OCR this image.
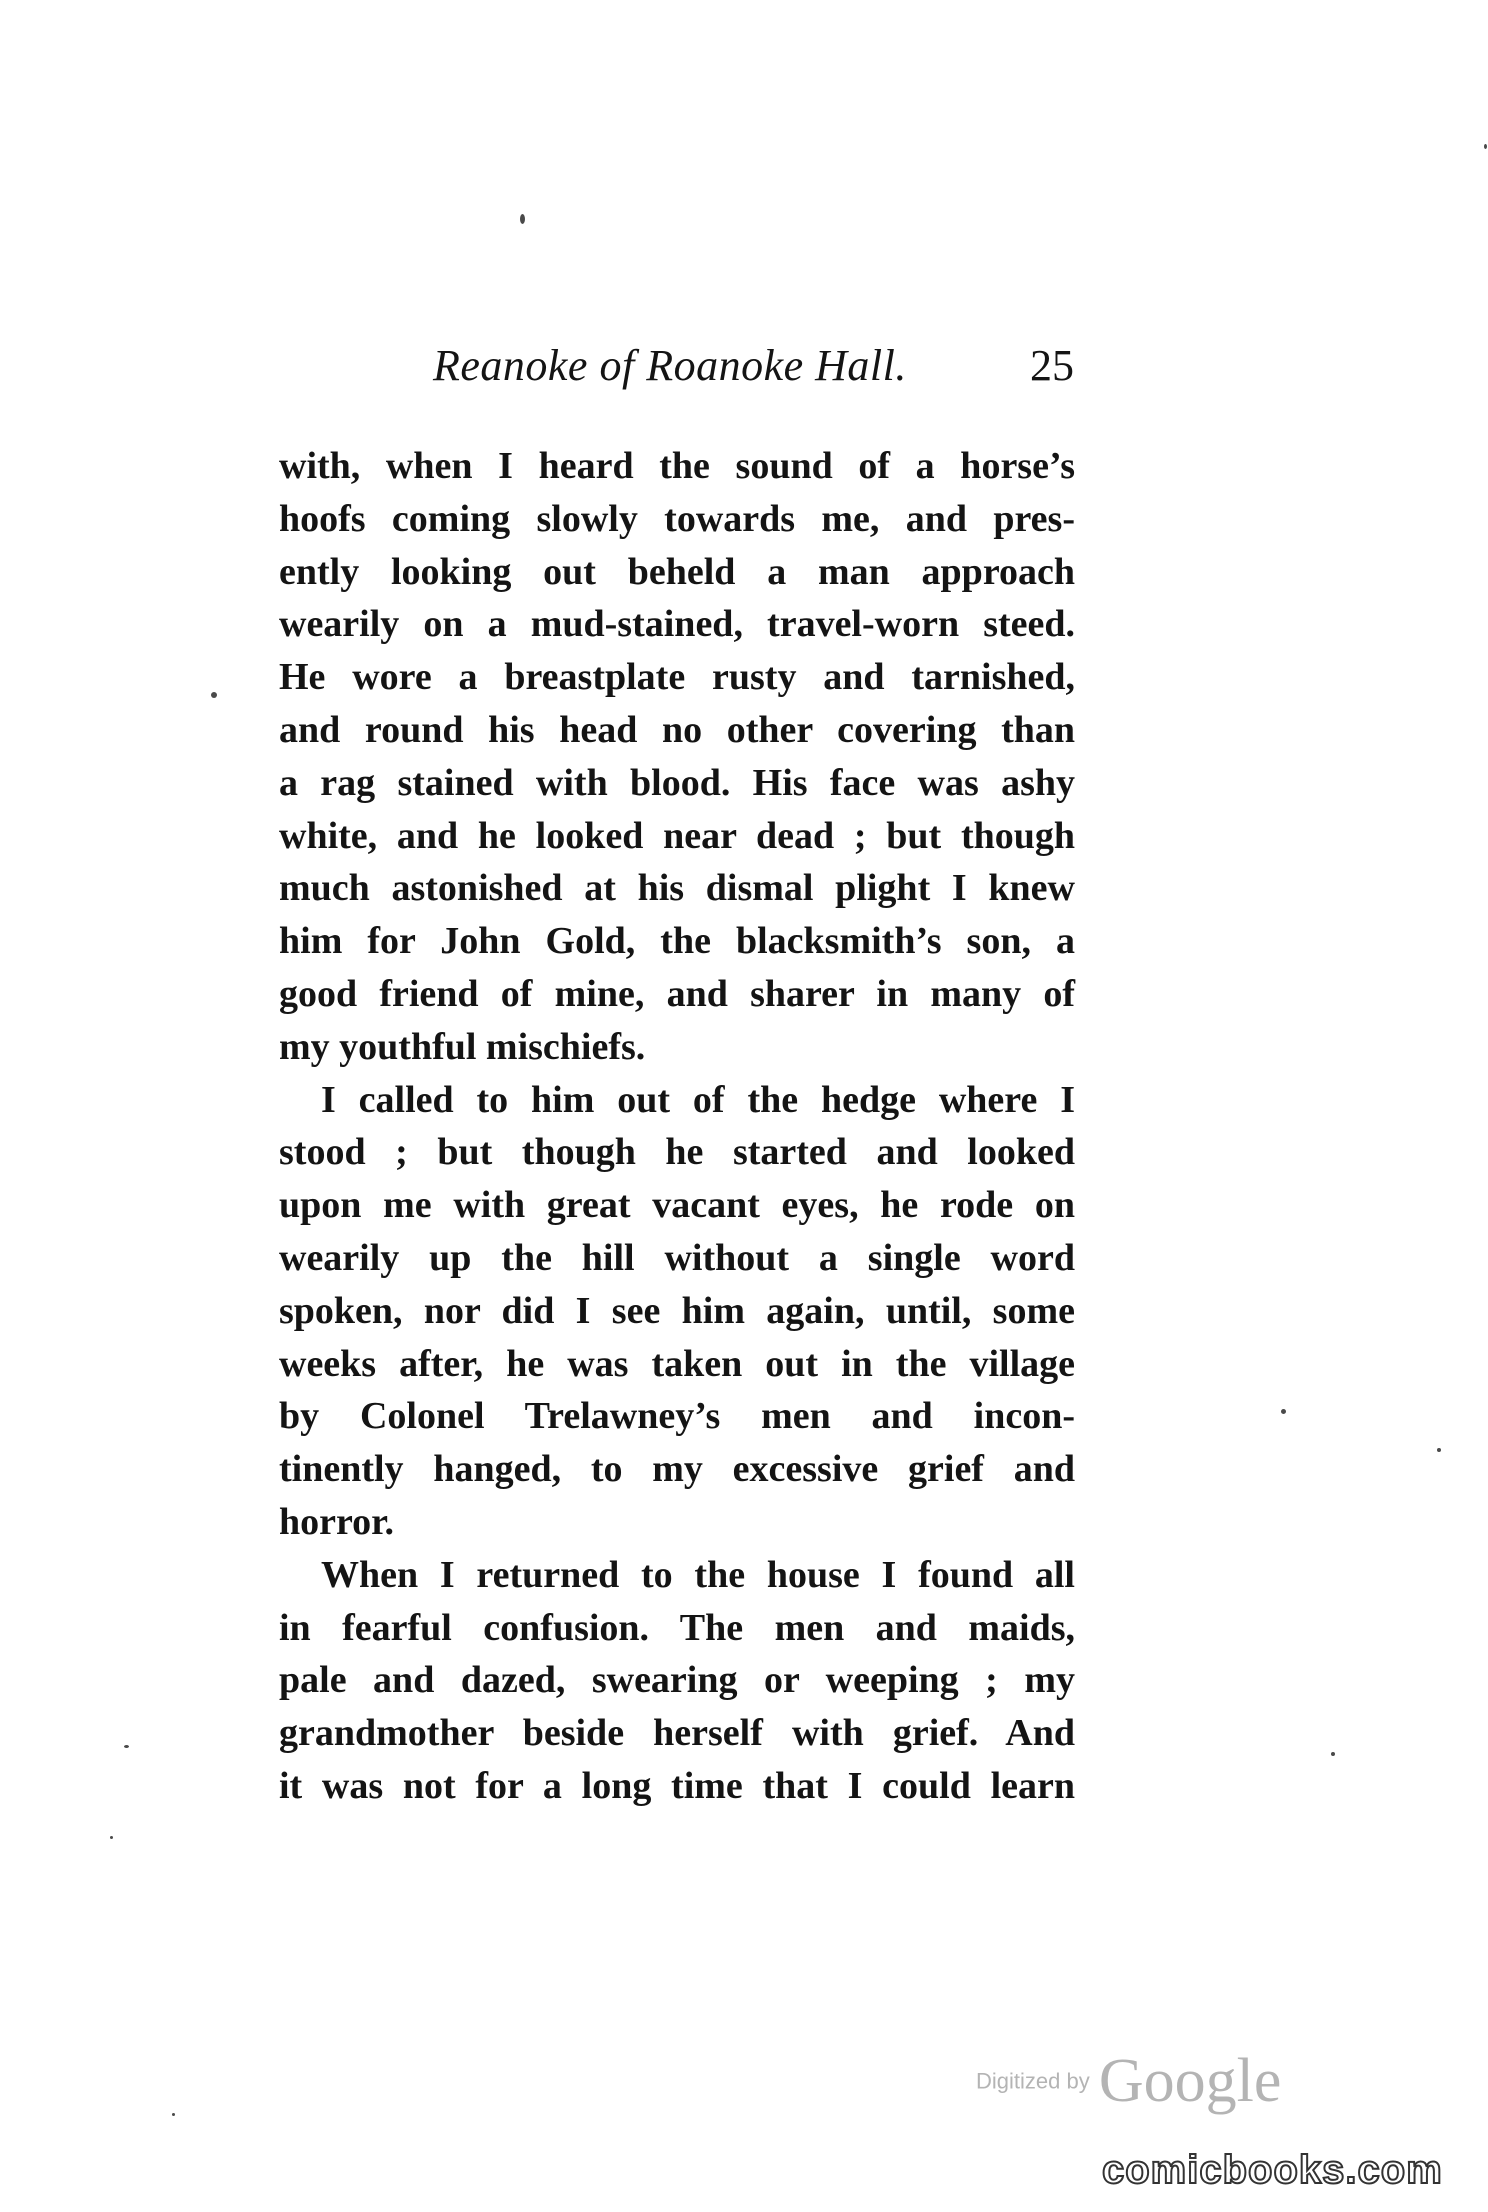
Reanoke of Roanoke Hall.	25

with, when I heard the sound of a horse’s
hoofs coming slowly towards me, and pres-
ently looking out beheld a man approach
wearily on a mud-stained, travel-worn steed.
He wore a breastplate rusty and tarnished,
and round his head no other covering than
a rag stained with blood. His face was ashy
white, and he looked near dead ; but though
much astonished at his dismal plight I knew
him for John Gold, the blacksmith’s son, a
good friend of mine, and sharer in many of
my youthful mischiefs.

I called to him out of the hedge where I
stood ; but though he started and looked
upon me with great vacant eyes, he rode on
wearily up the hill without a single word
spoken, nor did I see him again, until, some
weeks after, he was taken out in the village
by Colonel Trelawney’s men and incon-
tinently hanged, to my excessive grief and
horror.

When I returned to the house I found all
in fearful confusion. The men and maids,
pale and dazed, swearing or weeping ; my
grandmother beside herself with grief. And
it was not for a long time that I could learn

Digitized by Google
comicbooks.com
